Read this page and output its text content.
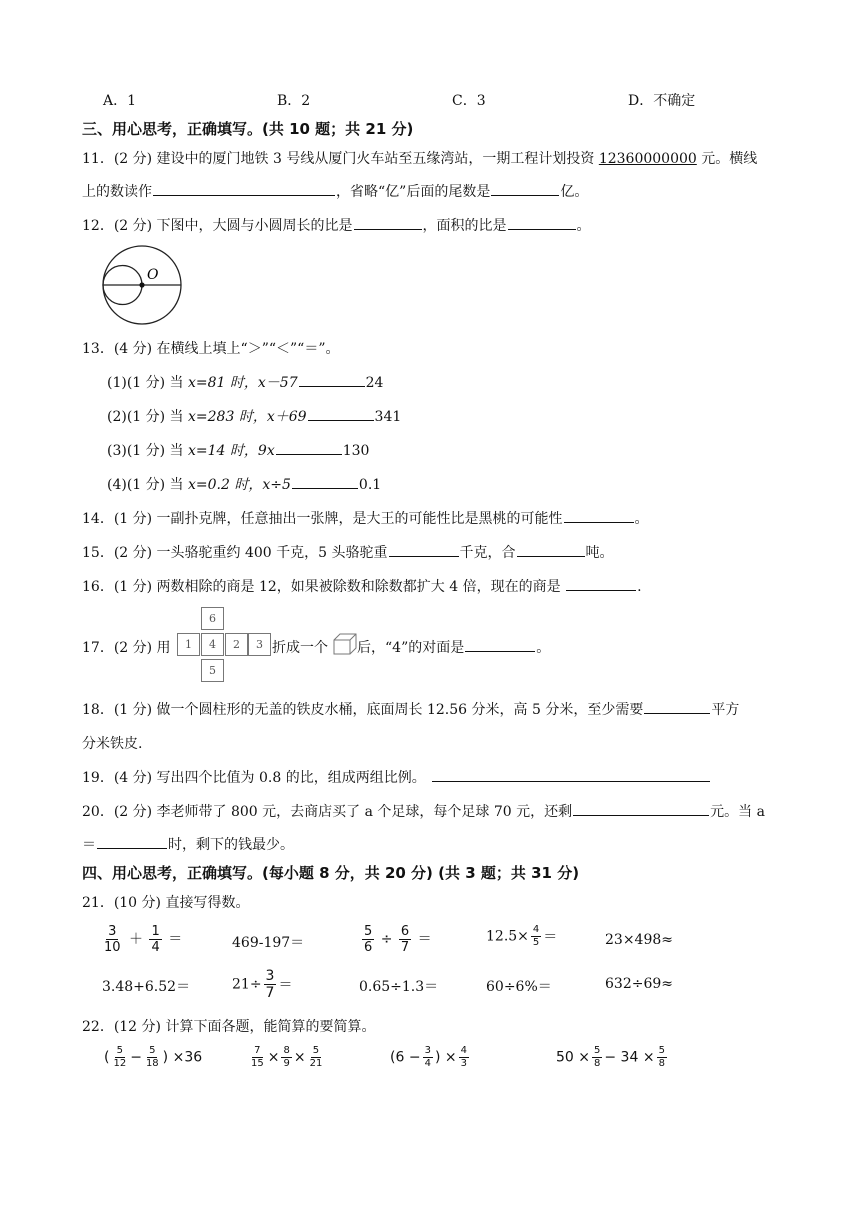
A．1	B．2	C．3	D．不确定
三、用心思考，正确填写。(共 10 题；共 21 分)
11．(2 分) 建设中的厦门地铁 3 号线从厦门火车站至五缘湾站，一期工程计划投资 12360000000 元。横线
上的数读作	，省略“亿”后面的尾数是	亿。
12．(2 分) 下图中，大圆与小圆周长的比是	，面积的比是	。
O
13．(4 分) 在横线上填上“＞”“＜”“＝”。
(1)(1 分) 当 x=81 时，x－57	24
(2)(1 分) 当 x=283 时，x＋69	341
(3)(1 分) 当 x=14 时，9x	130
(4)(1 分) 当 x=0.2 时，x÷5	0.1
14．(1 分) 一副扑克牌，任意抽出一张牌，是大王的可能性比是黑桃的可能性	。
15．(2 分) 一头骆驼重约 400 千克，5 头骆驼重	千克，合	吨。
16．(1 分) 两数相除的商是 12，如果被除数和除数都扩大 4 倍，现在的商是	.
17．(2 分) 用
6
1	4	2	3
5
折成一个 后，“4”的对面是	。
18．(1 分) 做一个圆柱形的无盖的铁皮水桶，底面周长 12.56 分米，高 5 分米，至少需要	平方
分米铁皮.
19．(4 分) 写出四个比值为 0.8 的比，组成两组比例。
20．(2 分) 李老师带了 800 元，去商店买了 a 个足球，每个足球 70 元，还剩	元。当 a
＝	时，剩下的钱最少。
四、用心思考，正确填写。(每小题 8 分，共 20 分) (共 3 题；共 31 分)
21．(10 分) 直接写得数。
$\frac{3}{10} + \frac{1}{4}$ ＝	469-197＝	$\frac{5}{6} \div \frac{6}{7}$ ＝	$12.5\times \frac{4}{5}$ ＝	23×498≈
3.48+6.52＝	$21\div \frac{3}{7}$ ＝	0.65÷1.3＝	60÷6%＝	632÷69≈
22．(12 分) 计算下面各题，能简算的要简算。
( $\frac{5}{12} - \frac{5}{18}$ ) ×36	$\frac{7}{15} \times \frac{8}{9} \times \frac{5}{21}$	($6 - \frac{3}{4}$ ) × $\frac{4}{3}$	$50 \times \frac{5}{8} - 34 \times \frac{5}{8}$
